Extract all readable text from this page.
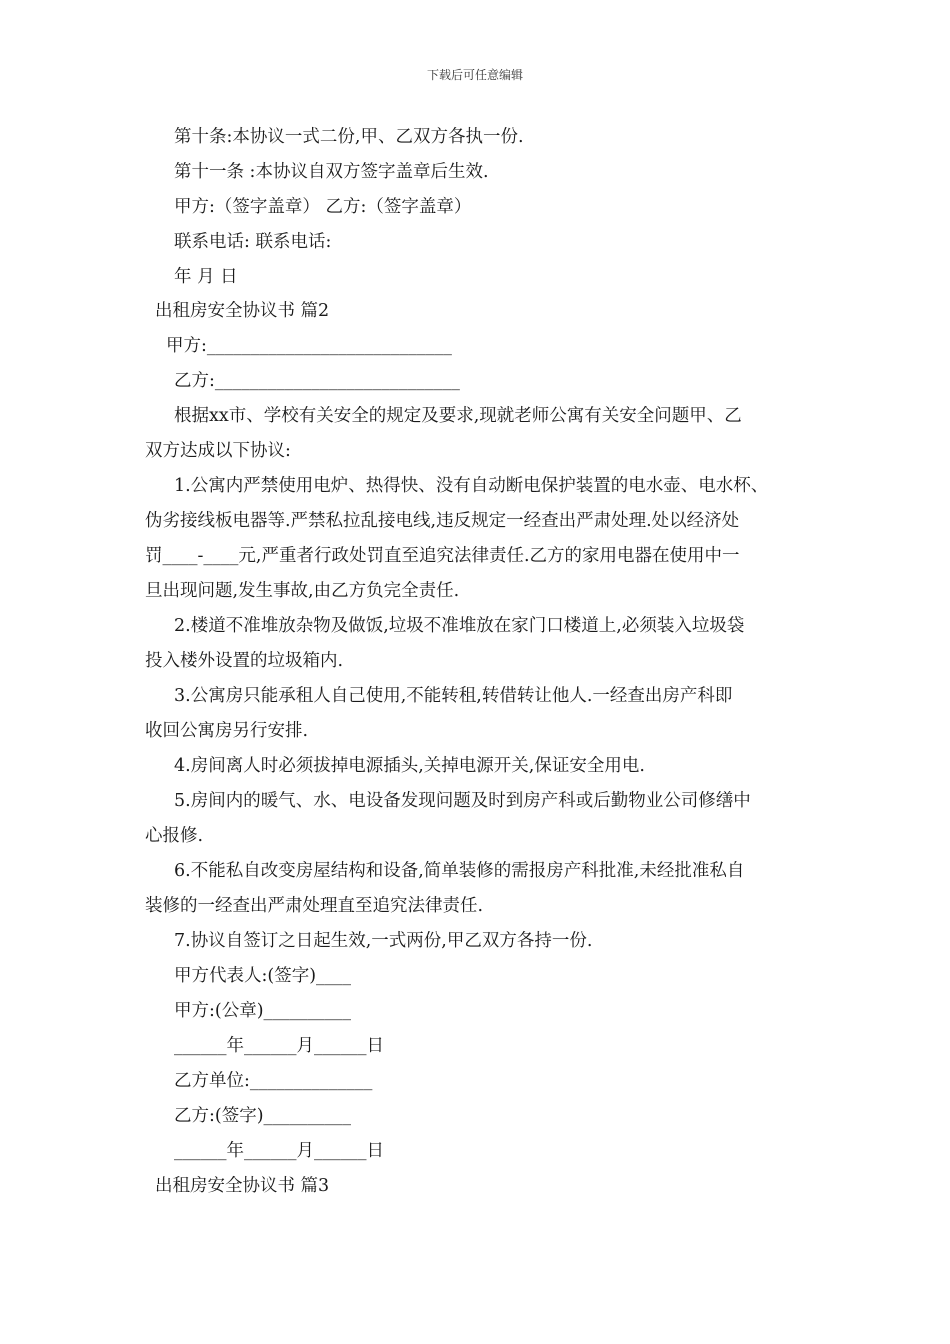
下载后可任意编辑
第十条:本协议一式二份,甲、乙双方各执一份.
第十一条 :本协议自双方签字盖章后生效.
甲方:（签字盖章） 乙方:（签字盖章）
联系电话: 联系电话:
年 月 日
出租房安全协议书 篇2
甲方:____________________________
乙方:____________________________
根据xx市、学校有关安全的规定及要求,现就老师公寓有关安全问题甲、乙
双方达成以下协议:
1.公寓内严禁使用电炉、热得快、没有自动断电保护装置的电水壶、电水杯、
伪劣接线板电器等.严禁私拉乱接电线,违反规定一经查出严肃处理.处以经济处
罚____-____元,严重者行政处罚直至追究法律责任.乙方的家用电器在使用中一
旦出现问题,发生事故,由乙方负完全责任.
2.楼道不准堆放杂物及做饭,垃圾不准堆放在家门口楼道上,必须装入垃圾袋
投入楼外设置的垃圾箱内.
3.公寓房只能承租人自己使用,不能转租,转借转让他人.一经查出房产科即
收回公寓房另行安排.
4.房间离人时必须拔掉电源插头,关掉电源开关,保证安全用电.
5.房间内的暖气、水、电设备发现问题及时到房产科或后勤物业公司修缮中
心报修.
6.不能私自改变房屋结构和设备,简单装修的需报房产科批准,未经批准私自
装修的一经查出严肃处理直至追究法律责任.
7.协议自签订之日起生效,一式两份,甲乙双方各持一份.
甲方代表人:(签字)____
甲方:(公章)__________
______年______月______日
乙方单位:______________
乙方:(签字)__________
______年______月______日
出租房安全协议书 篇3
